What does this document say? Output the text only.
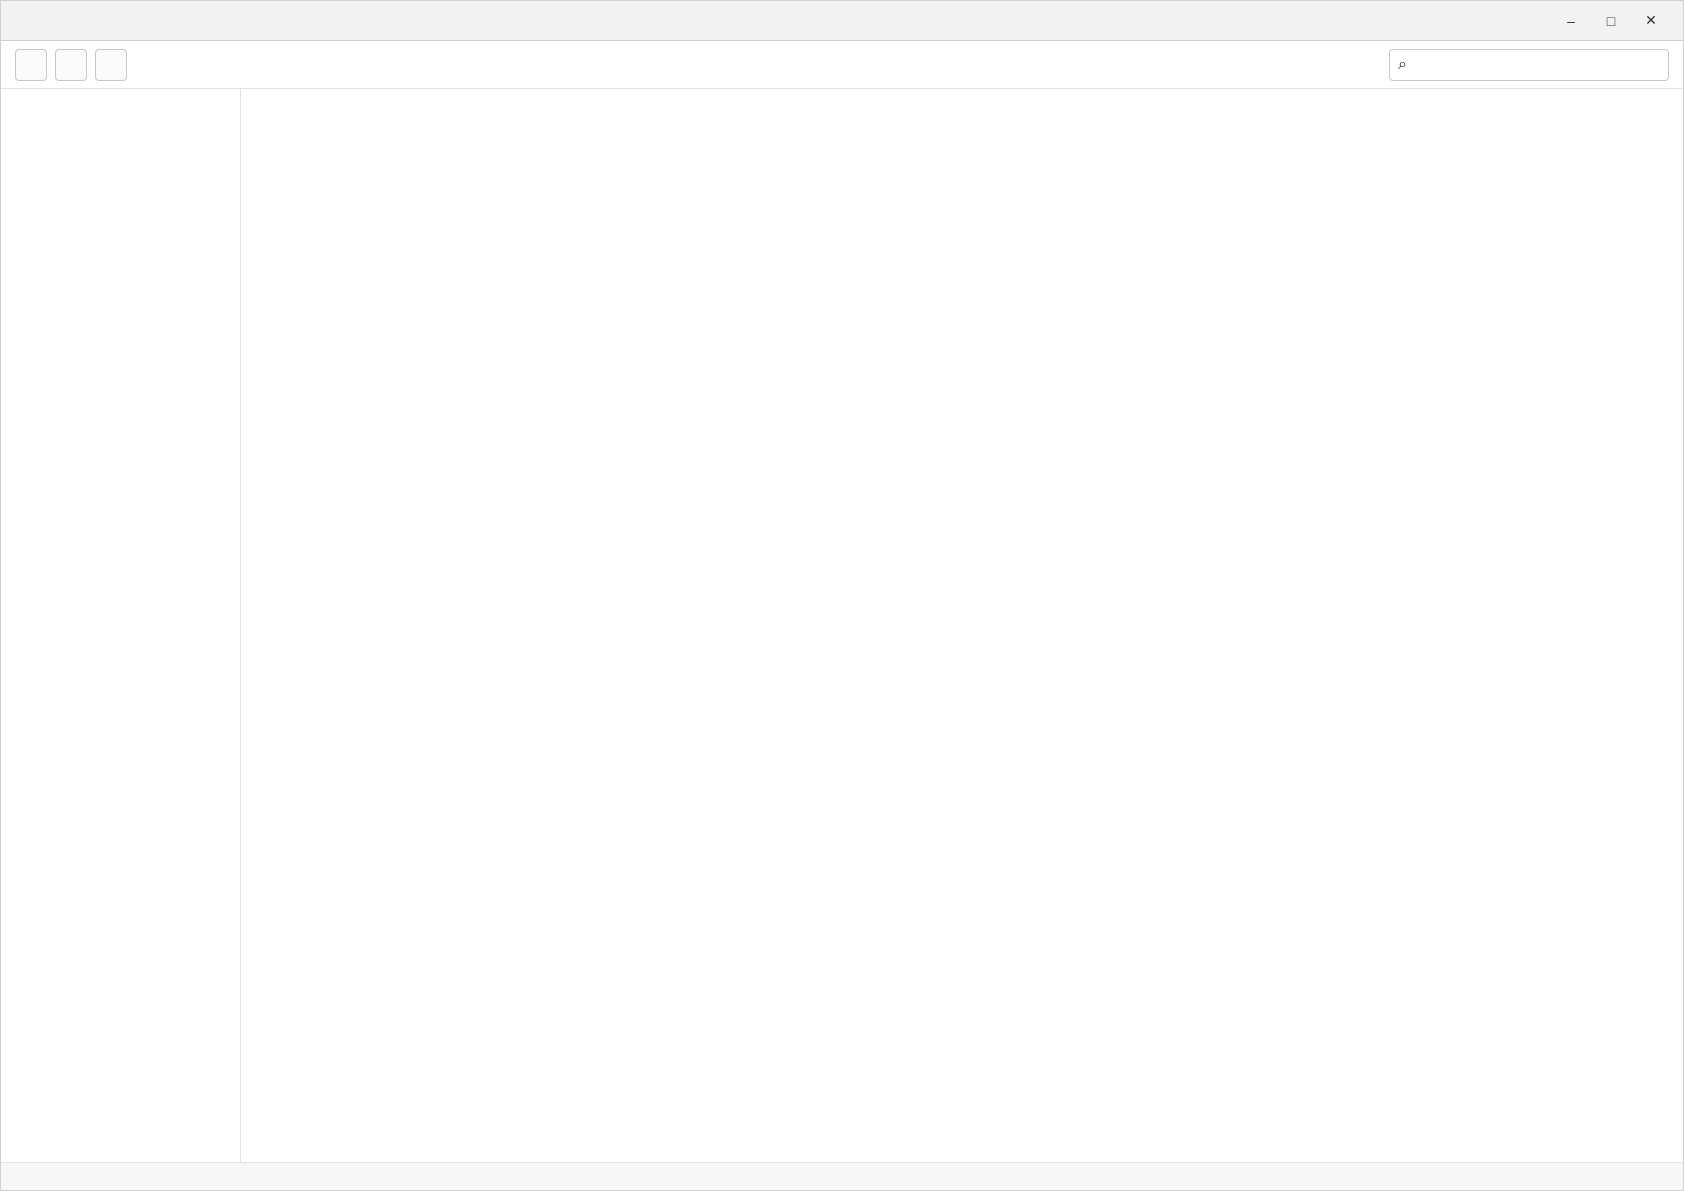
–	□	✕
⌕
